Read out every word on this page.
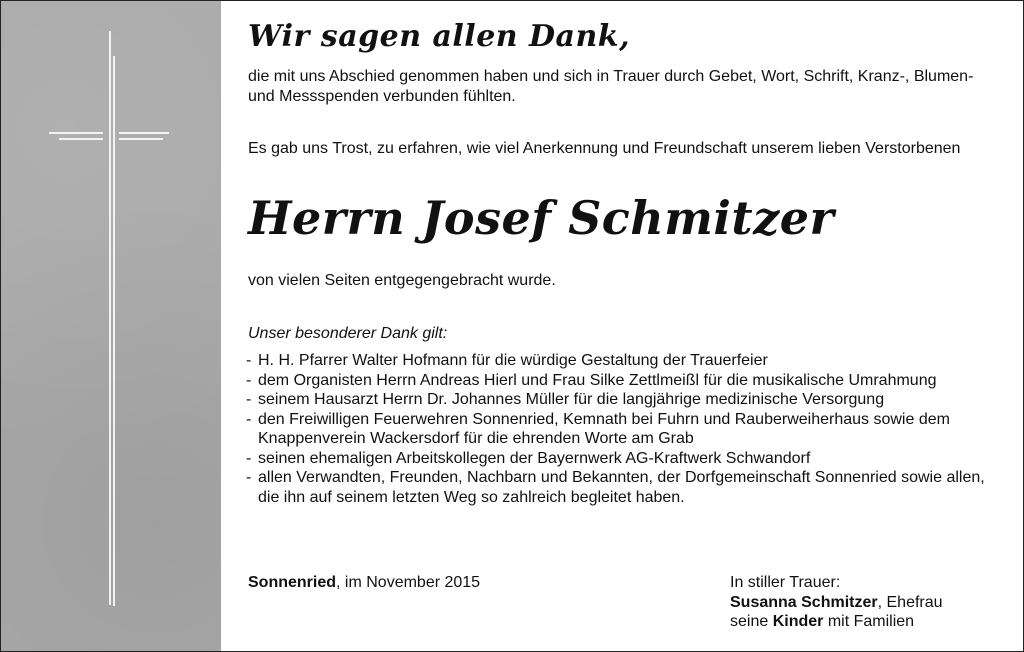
Wir sagen allen Dank,
die mit uns Abschied genommen haben und sich in Trauer durch Gebet, Wort, Schrift, Kranz-, Blumen- und Messspenden verbunden fühlten.
Es gab uns Trost, zu erfahren, wie viel Anerkennung und Freundschaft unserem lieben Verstorbenen
Herrn Josef Schmitzer
von vielen Seiten entgegengebracht wurde.
Unser besonderer Dank gilt:
- H. H. Pfarrer Walter Hofmann für die würdige Gestaltung der Trauerfeier
- dem Organisten Herrn Andreas Hierl und Frau Silke Zettlmeißl für die musikalische Umrahmung
- seinem Hausarzt Herrn Dr. Johannes Müller für die langjährige medizinische Versorgung
- den Freiwilligen Feuerwehren Sonnenried, Kemnath bei Fuhrn und Rauberweiherhaus sowie dem Knappenverein Wackersdorf für die ehrenden Worte am Grab
- seinen ehemaligen Arbeitskollegen der Bayernwerk AG-Kraftwerk Schwandorf
- allen Verwandten, Freunden, Nachbarn und Bekannten, der Dorfgemeinschaft Sonnenried sowie allen, die ihn auf seinem letzten Weg so zahlreich begleitet haben.
Sonnenried, im November 2015	In stiller Trauer:
Susanna Schmitzer, Ehefrau
seine Kinder mit Familien
